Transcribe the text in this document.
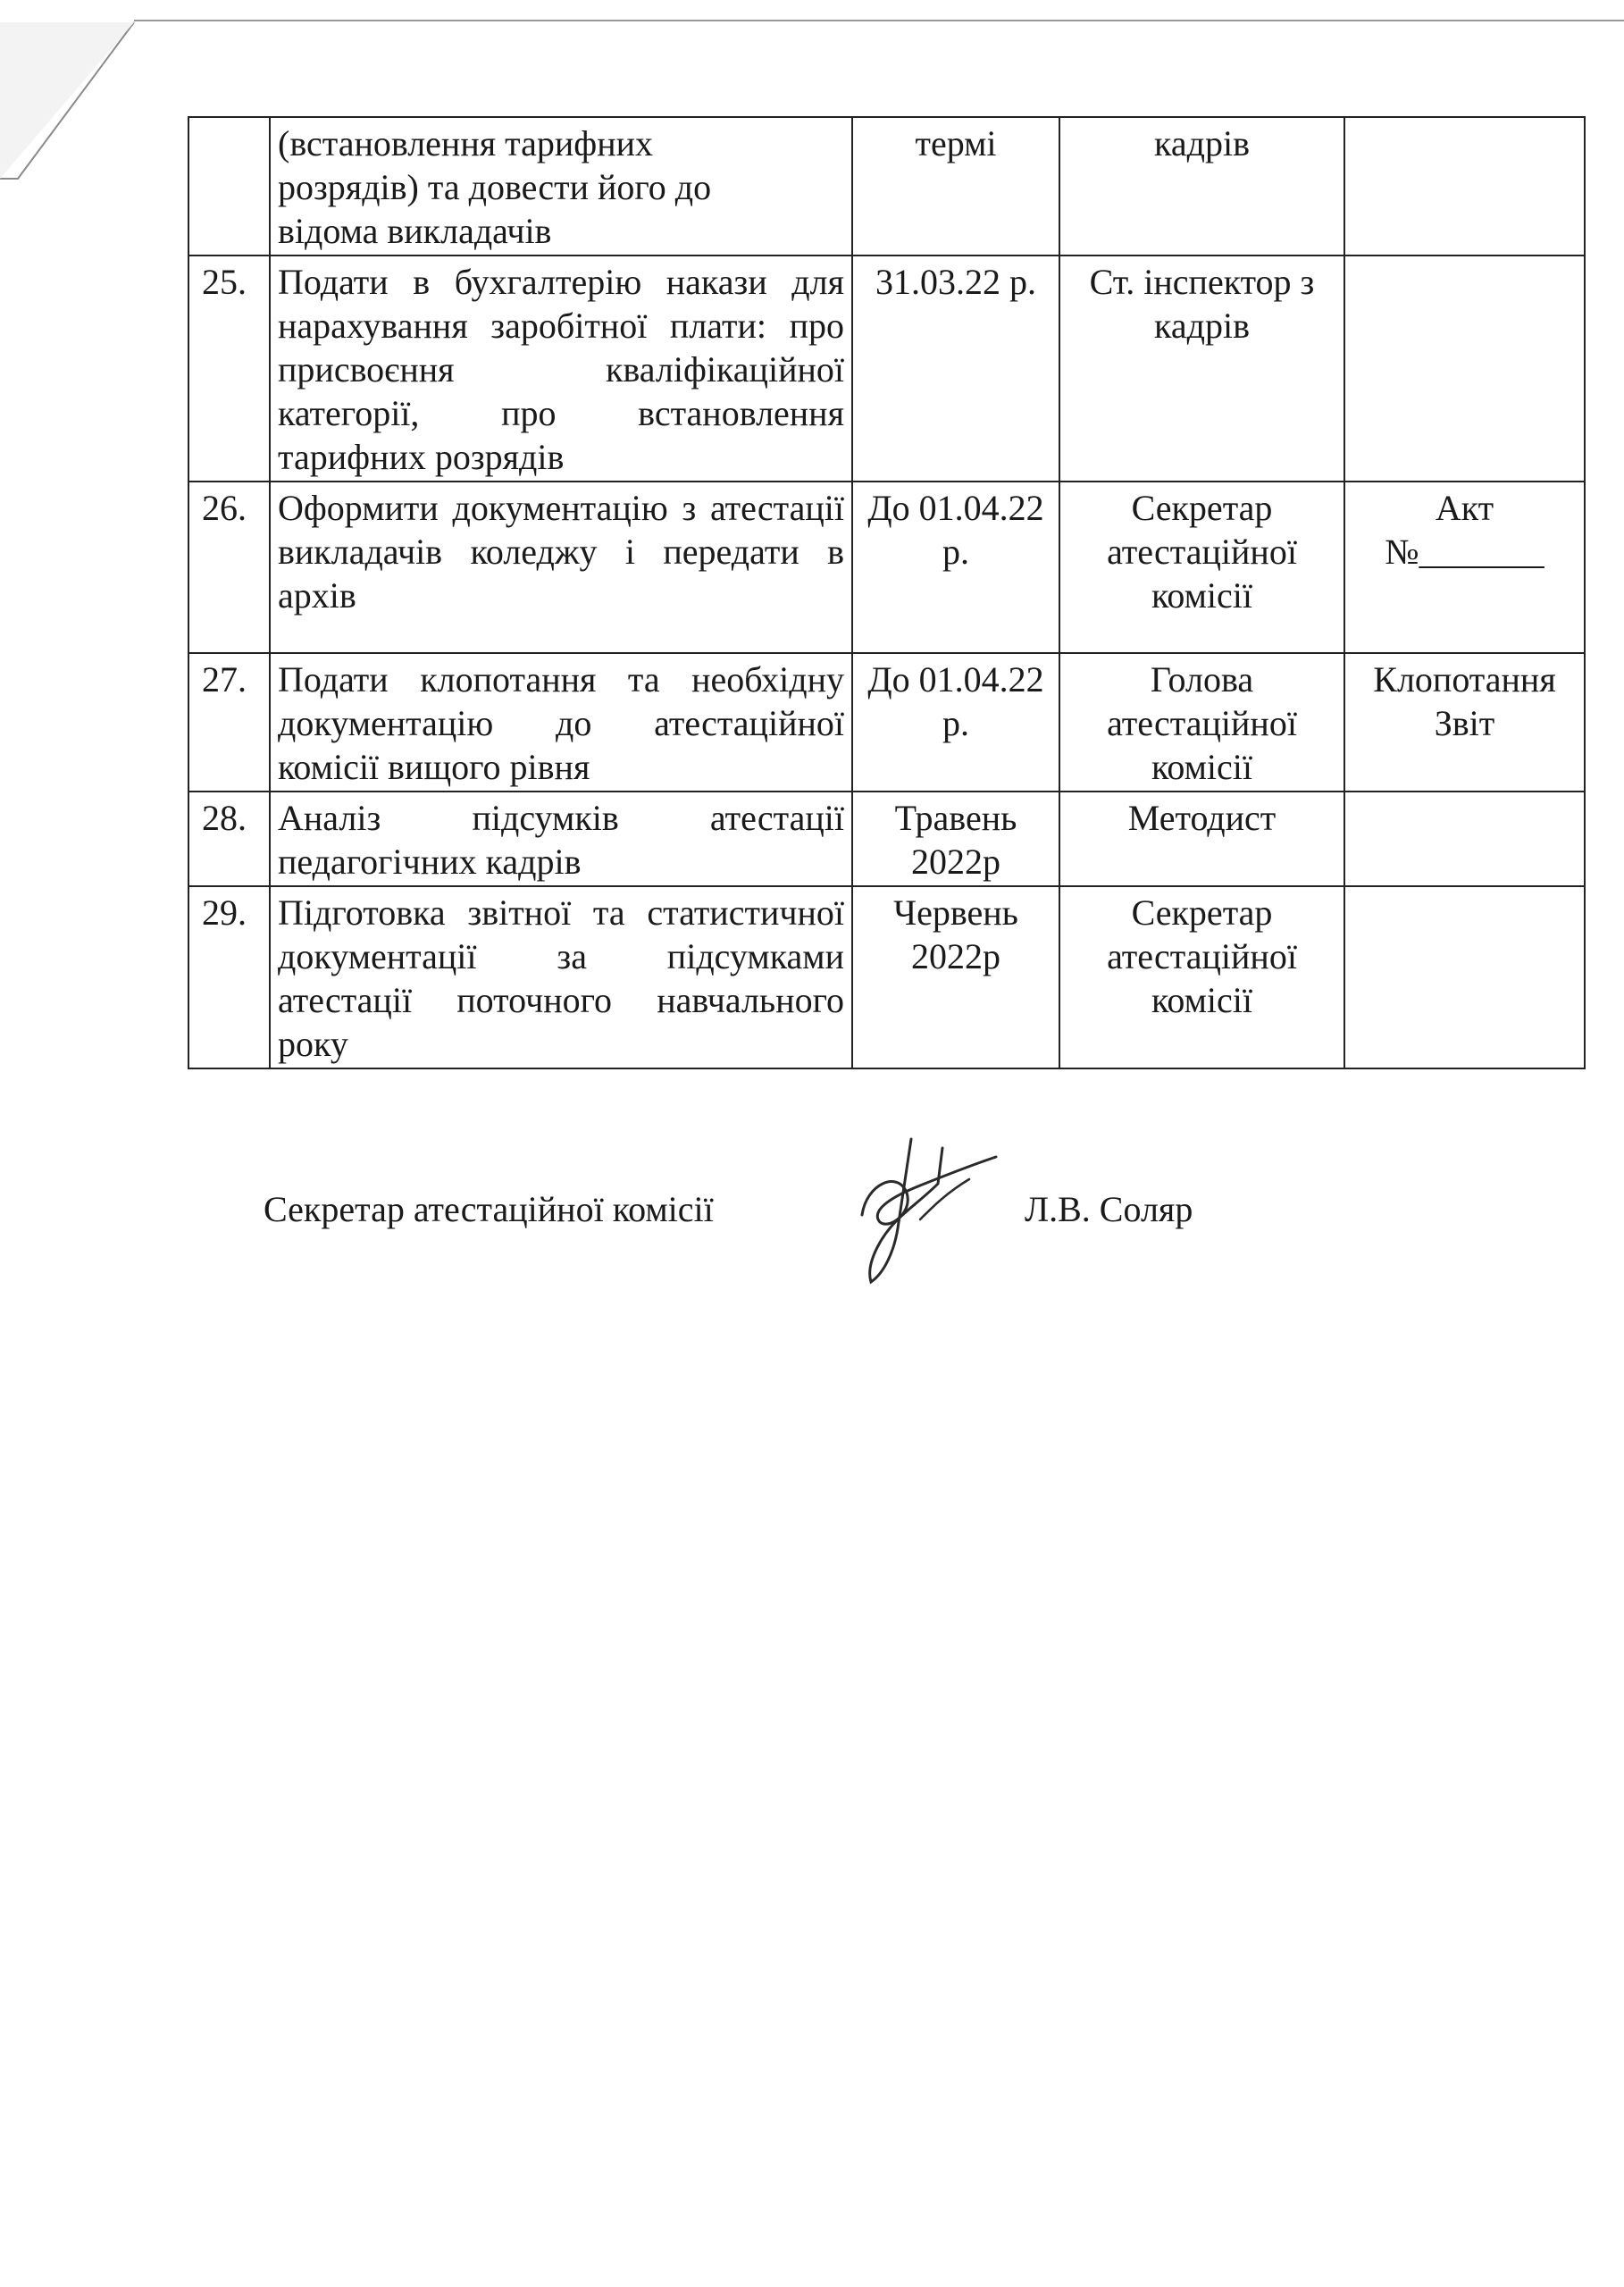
	(встановлення тарифних
розрядів) та довести його до
відома викладачів	термі	кадрів	
25.	Подати в бухгалтерію накази для нарахування заробітної плати: про присвоєння кваліфікаційної категорії, про встановлення тарифних розрядів	31.03.22 р.	Ст. інспектор з кадрів	
26.	Оформити документацію з атестації викладачів коледжу і передати в архів	До 01.04.22 р.	Секретар атестаційної комісії	Акт №_______
27.	Подати клопотання та необхідну документацію до атестаційної комісії вищого рівня	До 01.04.22 р.	Голова атестаційної комісії	Клопотання Звіт
28.	Аналіз підсумків атестації педагогічних кадрів	Травень 2022р	Методист	
29.	Підготовка звітної та статистичної документації за підсумками атестації поточного навчального року	Червень 2022р	Секретар атестаційної комісії	
Секретар атестаційної комісії	Л.В. Соляр
